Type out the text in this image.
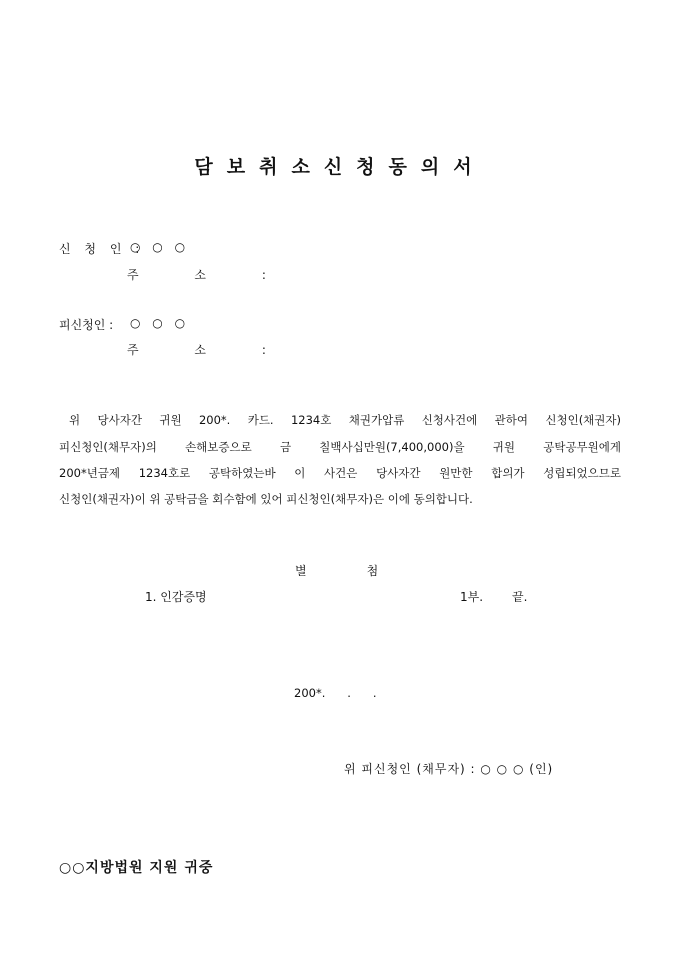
담보취소신청동의서
신 청 인 :
○ ○ ○
주 소 :
피신청인 : ○ ○ ○
주 소 :
위 당사자간 귀원 200*. 카드. 1234호 채권가압류 신청사건에 관하여 신청인(채권자)
피신청인(채무자)의 손해보증으로 금 칠백사십만원(7,400,000)을 귀원 공탁공무원에게
200*년금제 1234호로 공탁하였는바 이 사건은 당사자간 원만한 합의가 성립되었으므로
신청인(채권자)이 위 공탁금을 회수함에 있어 피신청인(채무자)은 이에 동의합니다.
별	첨
1. 인감증명	1부. 끝.
200*.      .      .
위 피신청인 (채무자) : ○ ○ ○ (인)
○○지방법원 지원 귀중
